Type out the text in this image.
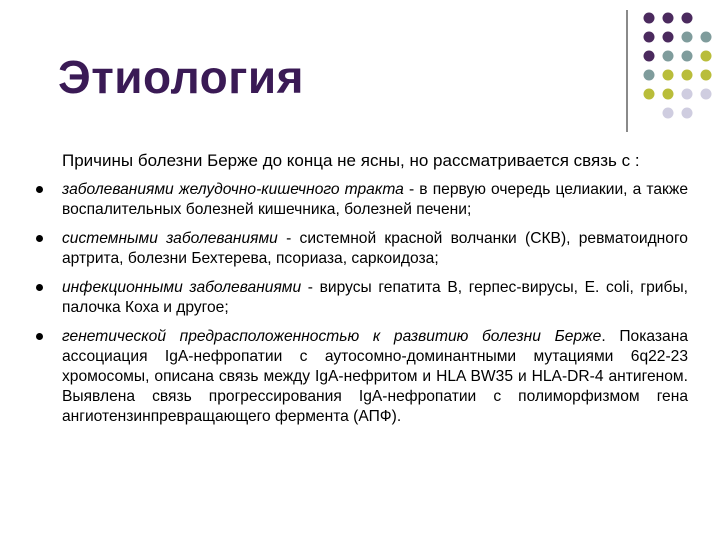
Этиология

Причины болезни Берже до конца не ясны, но рассматривается связь с :

заболеваниями желудочно-кишечного тракта - в первую очередь целиакии, а также воспалительных болезней кишечника, болезней печени;
системными заболеваниями - системной красной волчанки (СКВ), ревматоидного артрита, болезни Бехтерева, псориаза, саркоидоза;
инфекционными заболеваниями - вирусы гепатита В, герпес-вирусы, E. coli, грибы, палочка Коха и другое;
генетической предрасположенностью к развитию болезни Берже. Показана ассоциация IgA-нефропатии с аутосомно-доминантными мутациями 6q22-23 хромосомы, описана связь между IgA-нефритом и HLA BW35 и HLA-DR-4 антигеном. Выявлена связь прогрессирования IgA-нефропатии с полиморфизмом гена ангиотензинпревращающего фермента (АПФ).
